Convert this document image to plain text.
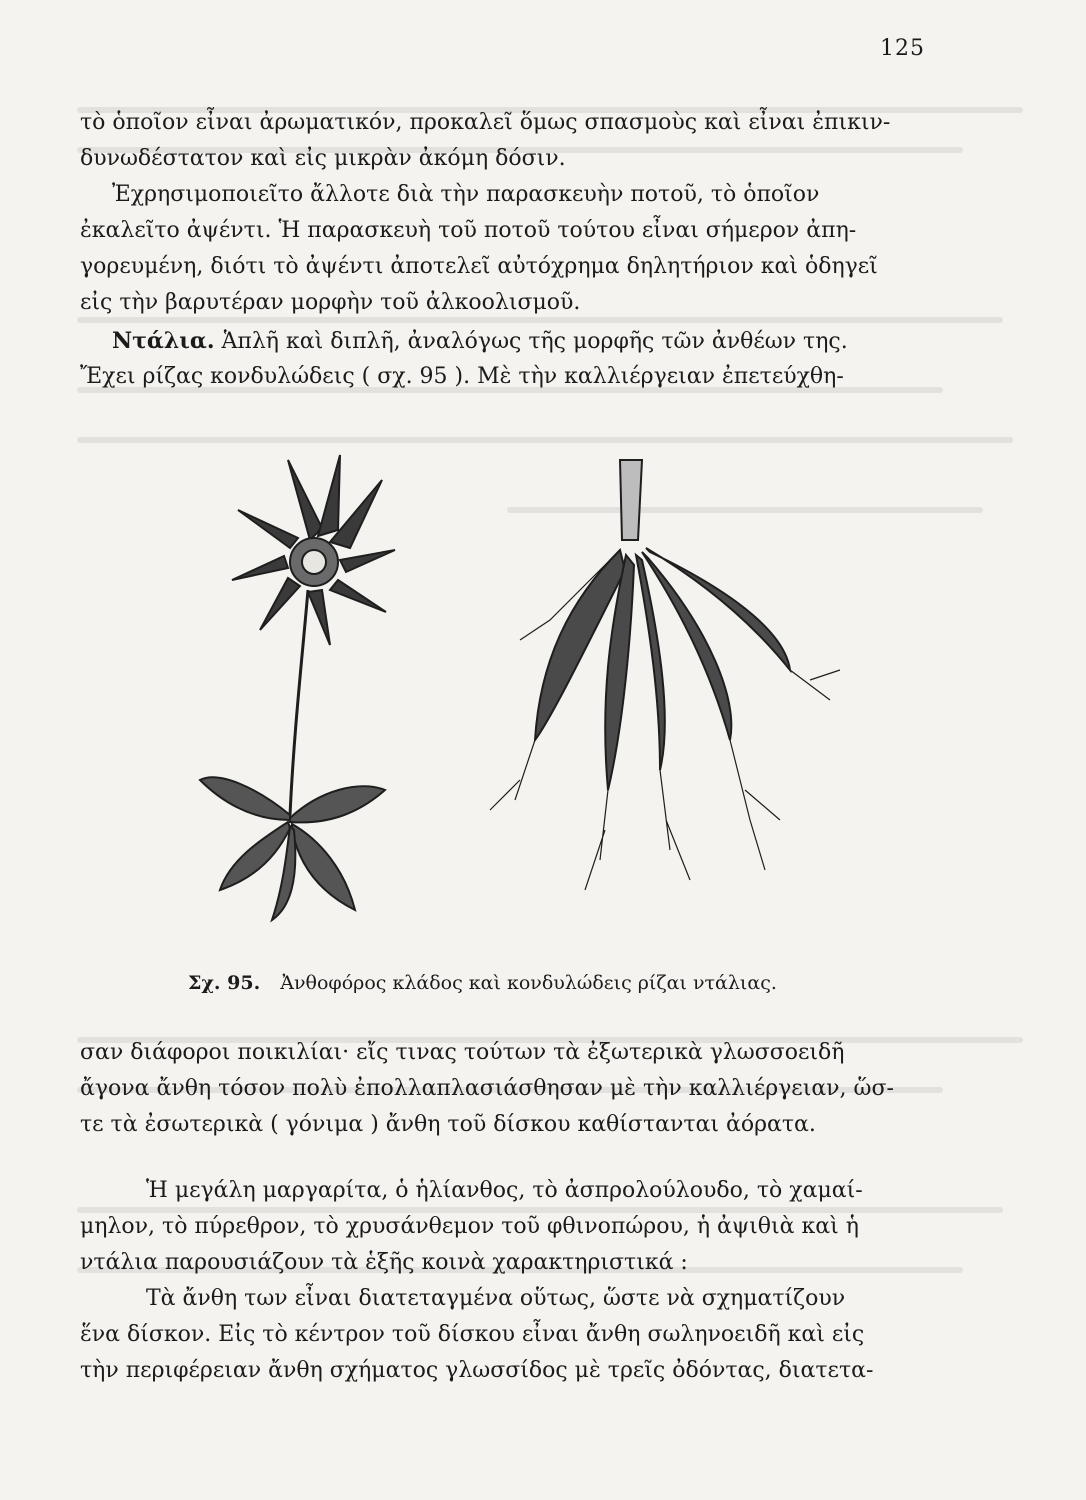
125

τὸ ὁποῖον εἶναι ἀρωματικόν, προκαλεῖ ὅμως σπασμοὺς καὶ εἶναι ἐπικιν-

δυνωδέστατον καὶ εἰς μικρὰν ἀκόμη δόσιν.

Ἐχρησιμοποιεῖτο ἄλλοτε διὰ τὴν παρασκευὴν ποτοῦ, τὸ ὁποῖον

ἐκαλεῖτο ἀψέντι. Ἡ παρασκευὴ τοῦ ποτοῦ τούτου εἶναι σήμερον ἀπη-

γορευμένη, διότι τὸ ἀψέντι ἀποτελεῖ αὐτόχρημα δηλητήριον καὶ ὁδηγεῖ

εἰς τὴν βαρυτέραν μορφὴν τοῦ ἀλκοολισμοῦ.

Ντάλια. Ἁπλῆ καὶ διπλῆ, ἀναλόγως τῆς μορφῆς τῶν ἀνθέων της.

Ἔχει ρίζας κονδυλώδεις ( σχ. 95 ). Μὲ τὴν καλλιέργειαν ἐπετεύχθη-

Σχ. 95. Ἀνθοφόρος κλάδος καὶ κονδυλώδεις ρίζαι ντάλιας.

σαν διάφοροι ποικιλίαι· εἴς τινας τούτων τὰ ἐξωτερικὰ γλωσσοειδῆ

ἄγονα ἄνθη τόσον πολὺ ἐπολλαπλασιάσθησαν μὲ τὴν καλλιέργειαν, ὥσ-

τε τὰ ἐσωτερικὰ ( γόνιμα ) ἄνθη τοῦ δίσκου καθίστανται ἀόρατα.

Ἡ μεγάλη μαργαρίτα, ὁ ἡλίανθος, τὸ ἀσπρολούλουδο, τὸ χαμαί-

μηλον, τὸ πύρεθρον, τὸ χρυσάνθεμον τοῦ φθινοπώρου, ἡ ἀψιθιὰ καὶ ἡ

ντάλια παρουσιάζουν τὰ ἑξῆς κοινὰ χαρακτηριστικά :

Τὰ ἄνθη των εἶναι διατεταγμένα οὕτως, ὥστε νὰ σχηματίζουν

ἕνα δίσκον. Εἰς τὸ κέντρον τοῦ δίσκου εἶναι ἄνθη σωληνοειδῆ καὶ εἰς

τὴν περιφέρειαν ἄνθη σχήματος γλωσσίδος μὲ τρεῖς ὀδόντας, διατετα-
